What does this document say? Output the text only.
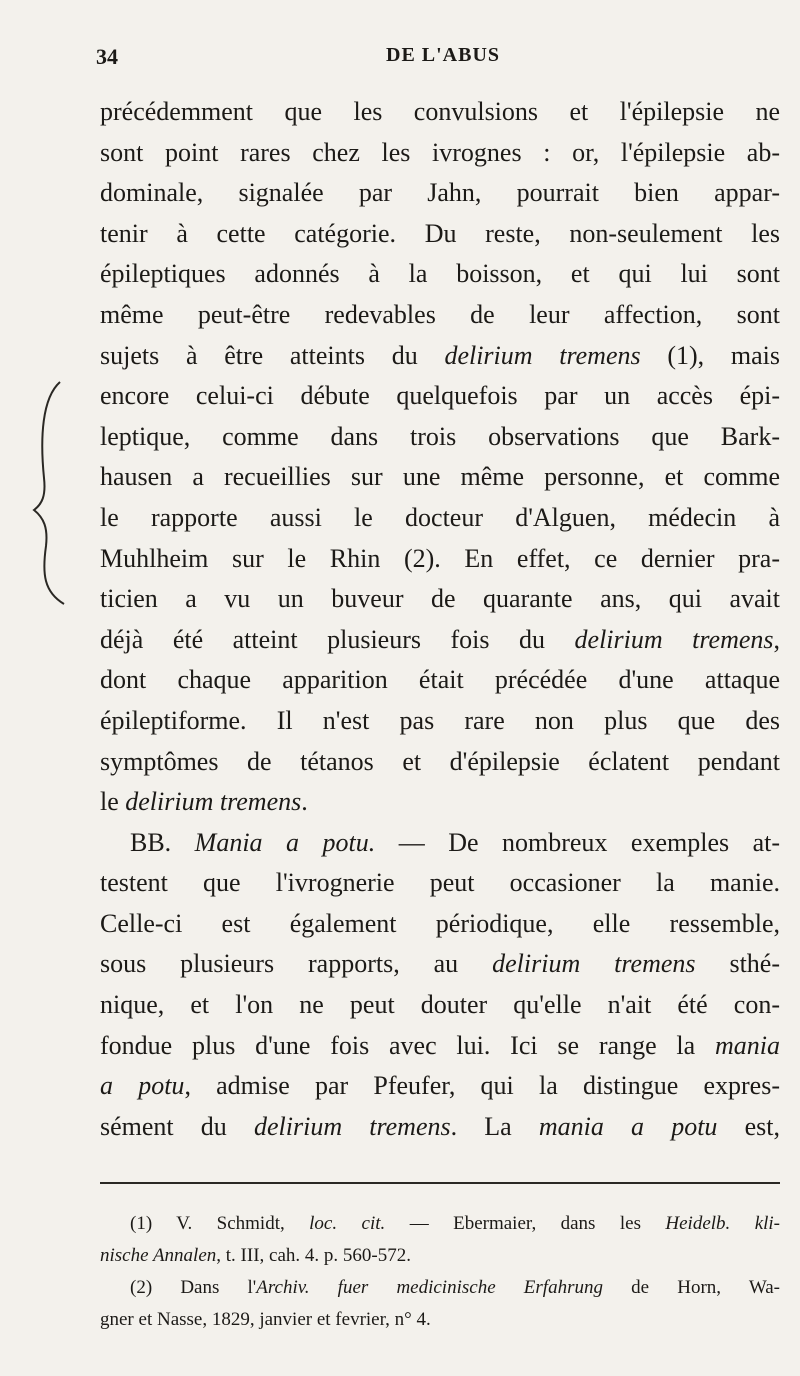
34	DE L'ABUS
précédemment que les convulsions et l'épilepsie ne
sont point rares chez les ivrognes : or, l'épilepsie ab-
dominale, signalée par Jahn, pourrait bien appar-
tenir à cette catégorie. Du reste, non-seulement les
épileptiques adonnés à la boisson, et qui lui sont
même peut-être redevables de leur affection, sont
sujets à être atteints du delirium tremens (1), mais
encore celui-ci débute quelquefois par un accès épi-
leptique, comme dans trois observations que Bark-
hausen a recueillies sur une même personne, et comme
le rapporte aussi le docteur d'Alguen, médecin à
Muhlheim sur le Rhin (2). En effet, ce dernier pra-
ticien a vu un buveur de quarante ans, qui avait
déjà été atteint plusieurs fois du delirium tremens,
dont chaque apparition était précédée d'une attaque
épileptiforme. Il n'est pas rare non plus que des
symptômes de tétanos et d'épilepsie éclatent pendant
le delirium tremens.
BB. Mania a potu. — De nombreux exemples at-
testent que l'ivrognerie peut occasioner la manie.
Celle-ci est également périodique, elle ressemble,
sous plusieurs rapports, au delirium tremens sthé-
nique, et l'on ne peut douter qu'elle n'ait été con-
fondue plus d'une fois avec lui. Ici se range la mania
a potu, admise par Pfeufer, qui la distingue expres-
sément du delirium tremens. La mania a potu est,
(1) V. Schmidt, loc. cit. — Ebermaier, dans les Heidelb. kli-
nische Annalen, t. III, cah. 4. p. 560-572.
(2) Dans l'Archiv. fuer medicinische Erfahrung de Horn, Wa-
gner et Nasse, 1829, janvier et fevrier, n° 4.
